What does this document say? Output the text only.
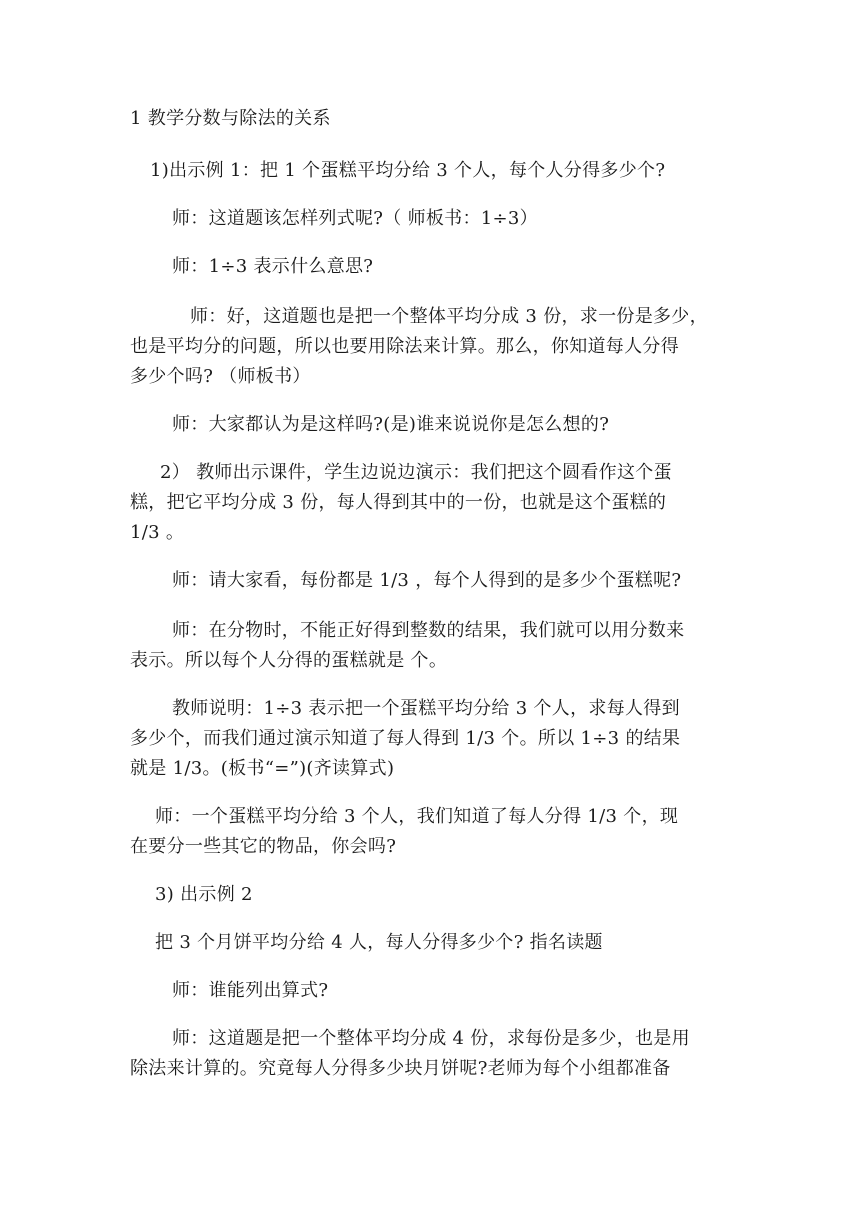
1 教学分数与除法的关系
1)出示例 1：把 1 个蛋糕平均分给 3 个人，每个人分得多少个?
师：这道题该怎样列式呢?（ 师板书：1÷3）
师：1÷3 表示什么意思?
师：好，这道题也是把一个整体平均分成 3 份，求一份是多少，
也是平均分的问题，所以也要用除法来计算。那么，你知道每人分得
多少个吗? （师板书）
师：大家都认为是这样吗?(是)谁来说说你是怎么想的?
2） 教师出示课件，学生边说边演示：我们把这个圆看作这个蛋
糕，把它平均分成 3 份，每人得到其中的一份，也就是这个蛋糕的
1/3 。
师：请大家看，每份都是 1/3 ，每个人得到的是多少个蛋糕呢?
师：在分物时，不能正好得到整数的结果，我们就可以用分数来
表示。所以每个人分得的蛋糕就是 个。
教师说明：1÷3 表示把一个蛋糕平均分给 3 个人，求每人得到
多少个，而我们通过演示知道了每人得到 1/3 个。所以 1÷3 的结果
就是 1/3。(板书“=”)(齐读算式)
师：一个蛋糕平均分给 3 个人，我们知道了每人分得 1/3 个，现
在要分一些其它的物品，你会吗?
3) 出示例 2
把 3 个月饼平均分给 4 人，每人分得多少个? 指名读题
师：谁能列出算式?
师：这道题是把一个整体平均分成 4 份，求每份是多少，也是用
除法来计算的。究竟每人分得多少块月饼呢?老师为每个小组都准备
